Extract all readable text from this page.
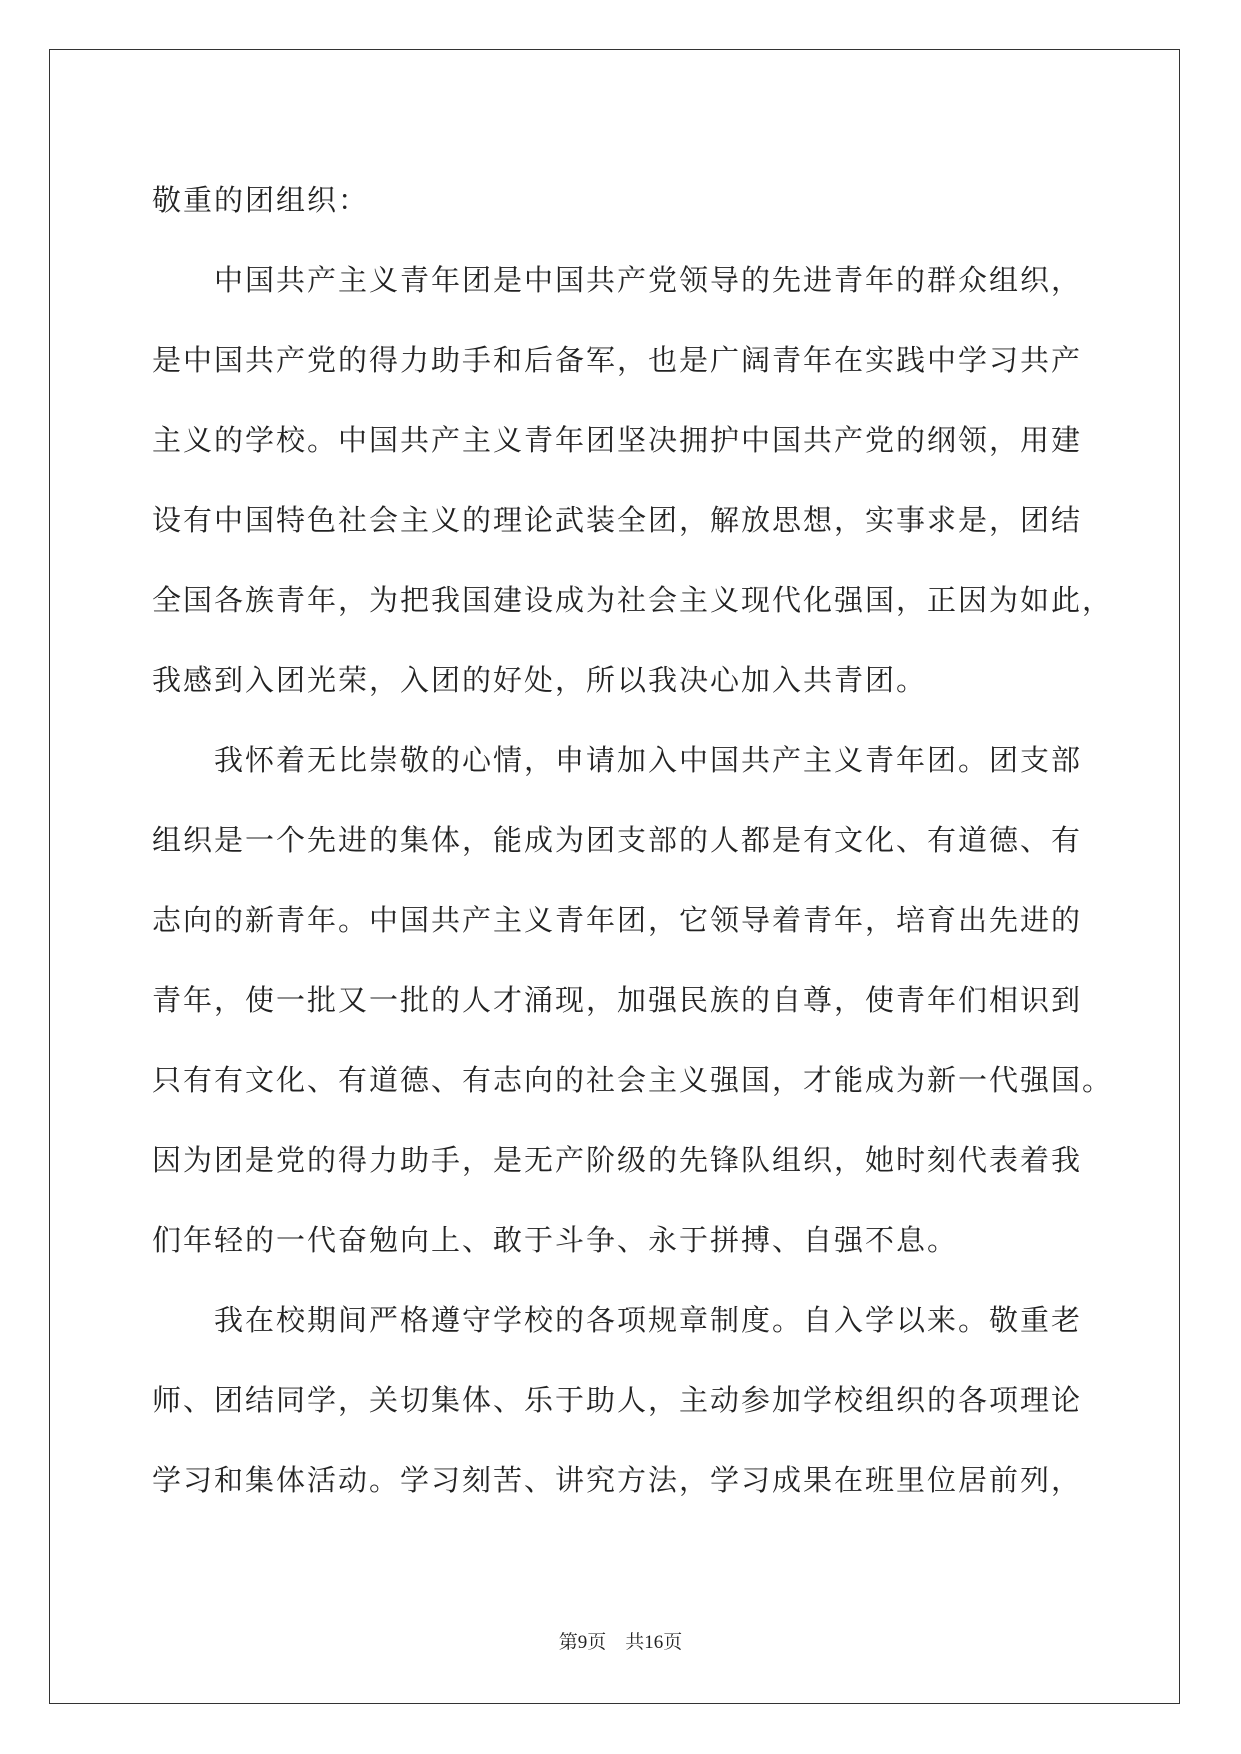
敬重的团组织：
　　中国共产主义青年团是中国共产党领导的先进青年的群众组织，
是中国共产党的得力助手和后备军，也是广阔青年在实践中学习共产
主义的学校。中国共产主义青年团坚决拥护中国共产党的纲领，用建
设有中国特色社会主义的理论武装全团，解放思想，实事求是，团结
全国各族青年，为把我国建设成为社会主义现代化强国，正因为如此，
我感到入团光荣，入团的好处，所以我决心加入共青团。
　　我怀着无比崇敬的心情，申请加入中国共产主义青年团。团支部
组织是一个先进的集体，能成为团支部的人都是有文化、有道德、有
志向的新青年。中国共产主义青年团，它领导着青年，培育出先进的
青年，使一批又一批的人才涌现，加强民族的自尊，使青年们相识到
只有有文化、有道德、有志向的社会主义强国，才能成为新一代强国。
因为团是党的得力助手，是无产阶级的先锋队组织，她时刻代表着我
们年轻的一代奋勉向上、敢于斗争、永于拼搏、自强不息。
　　我在校期间严格遵守学校的各项规章制度。自入学以来。敬重老
师、团结同学，关切集体、乐于助人，主动参加学校组织的各项理论
学习和集体活动。学习刻苦、讲究方法，学习成果在班里位居前列，
第9页　共16页
